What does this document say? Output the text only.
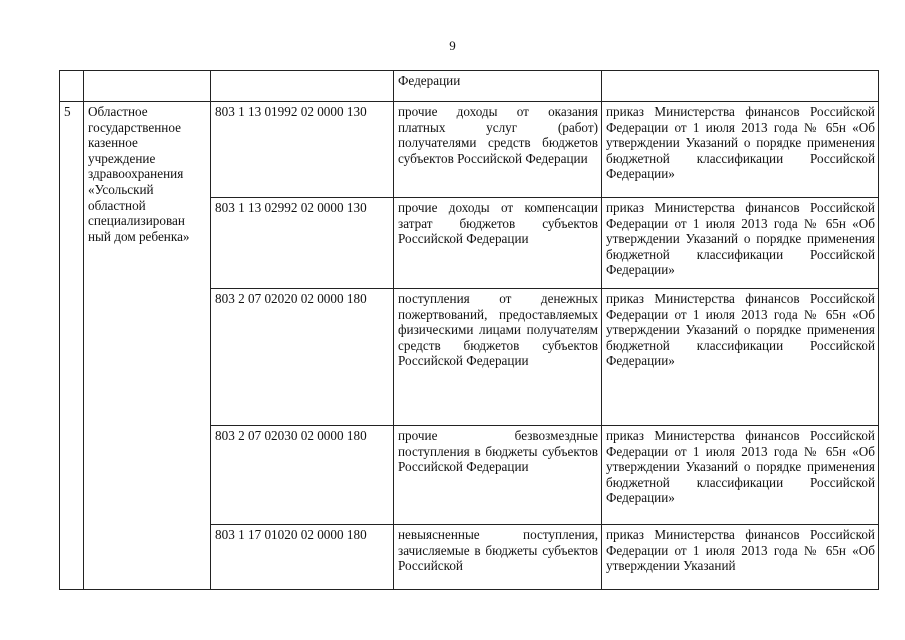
9
			Федерации	
5	Областное государственное казенное учреждение здравоохранения «Усольский областной специализирован ный дом ребенка»	803 1 13 01992 02 0000 130	прочие доходы от оказания платных услуг (работ) получателями средств бюджетов субъектов Российской Федерации	приказ Министерства финансов Российской Федерации от 1 июля 2013 года № 65н «Об утверждении Указаний о порядке применения бюджетной классификации Российской Федерации»
		803 1 13 02992 02 0000 130	прочие доходы от компенсации затрат бюджетов субъектов Российской Федерации	приказ Министерства финансов Российской Федерации от 1 июля 2013 года № 65н «Об утверждении Указаний о порядке применения бюджетной классификации Российской Федерации»
		803 2 07 02020 02 0000 180	поступления от денежных пожертвований, предоставляемых физическими лицами получателям средств бюджетов субъектов Российской Федерации	приказ Министерства финансов Российской Федерации от 1 июля 2013 года № 65н «Об утверждении Указаний о порядке применения бюджетной классификации Российской Федерации»
		803 2 07 02030 02 0000 180	прочие безвозмездные поступления в бюджеты субъектов Российской Федерации	приказ Министерства финансов Российской Федерации от 1 июля 2013 года № 65н «Об утверждении Указаний о порядке применения бюджетной классификации Российской Федерации»
		803 1 17 01020 02 0000 180	невыясненные поступления, зачисляемые в бюджеты субъектов Российской	приказ Министерства финансов Российской Федерации от 1 июля 2013 года № 65н «Об утверждении Указаний
